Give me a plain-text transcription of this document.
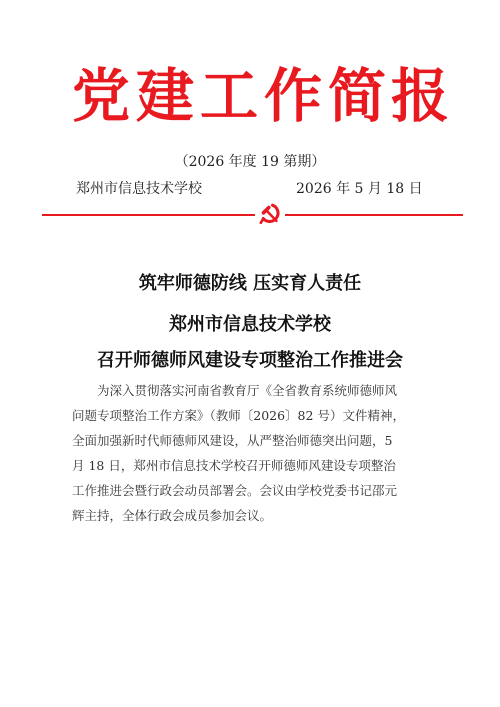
党 建 工 作 简 报
（2026 年度 19 第期）
郑州市信息技术学校	2026 年 5 月 18 日
筑牢师德防线 压实育人责任
郑州市信息技术学校
召开师德师风建设专项整治工作推进会
为深入贯彻落实河南省教育厅《全省教育系统师德师风
问题专项整治工作方案》（教师〔2026〕82 号）文件精神，
全面加强新时代师德师风建设，从严整治师德突出问题，5
月 18 日，郑州市信息技术学校召开师德师风建设专项整治
工作推进会暨行政会动员部署会。会议由学校党委书记邵元
辉主持，全体行政会成员参加会议。
